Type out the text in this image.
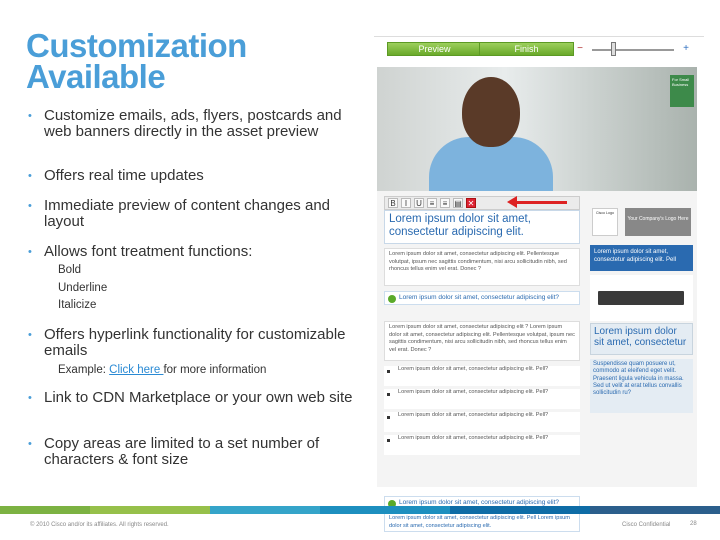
Customization
Available
• Customize emails, ads, flyers, postcards and web banners directly in the asset preview
• Offers real time updates
• Immediate preview of content changes and layout
• Allows font treatment functions:
• Offers hyperlink functionality for customizable emails
• Link to CDN Marketplace or your own web site
• Copy areas are limited to a set number of characters & font size
Bold
Underline
Italicize
Example: Click here for more information
Preview	Finish	−	+
For Small Business
B	I	U ≡	≡ ▤ ✕
Lorem ipsum dolor sit amet, consectetur adipiscing elit.
Lorem ipsum dolor sit amet, consectetur adipiscing elit. Pellentesque volutpat, ipsum nec sagittis condimentum, nisi arcu sollicitudin nibh, sed rhoncus tellus enim vel erat. Donec ?
Lorem ipsum dolor sit amet, consectetur adipiscing elit?
Lorem ipsum dolor sit amet, consectetur adipiscing elit ? Lorem ipsum dolor sit amet, consectetur adipiscing elit. Pellentesque volutpat, ipsum nec sagittis condimentum, nisi arcu sollicitudin nibh, sed rhoncus tellus enim vel erat. Donec ?
Lorem ipsum dolor sit amet, consectetur adipiscing elit. Pell?
Lorem ipsum dolor sit amet, consectetur adipiscing elit. Pell?
Lorem ipsum dolor sit amet, consectetur adipiscing elit. Pell?
Lorem ipsum dolor sit amet, consectetur adipiscing elit. Pell?
Lorem ipsum dolor sit amet, consectetur adipiscing elit?
Lorem ipsum dolor sit amet, consectetur adipiscing elit. Pell Lorem ipsum dolor sit amet, consectetur adipiscing elit.
Cisco Logo
Your Company's Logo Here
Lorem ipsum dolor sit amet, consectetur adipiscing elit. Pell
Lorem ipsum dolor sit amet, consectetur
Suspendisse quam posuere ut, commodo at eleifend eget velit. Praesent ligula vehicula in massa. Sed ut velit at erat tellus convallis sollicitudin ru?
© 2010 Cisco and/or its affiliates. All rights reserved.	Cisco Confidential	28
